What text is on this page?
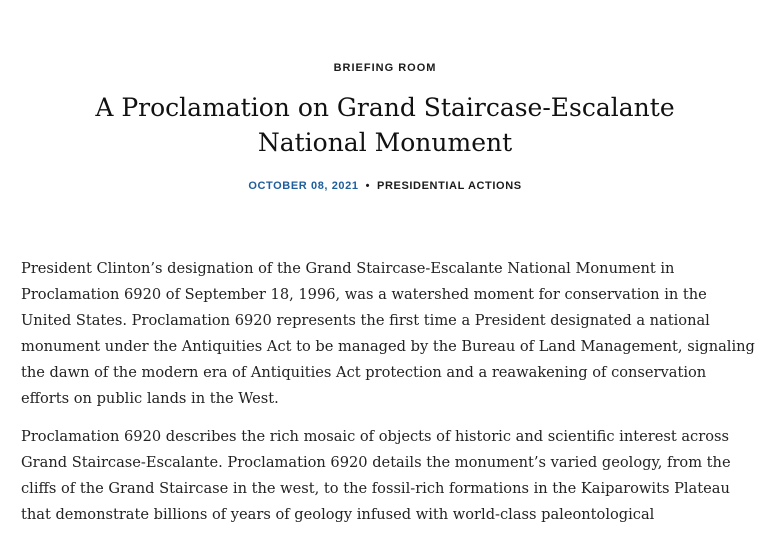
BRIEFING ROOM
A Proclamation on Grand Staircase-Escalante National Monument
OCTOBER 08, 2021 • PRESIDENTIAL ACTIONS

President Clinton’s designation of the Grand Staircase-Escalante National Monument in Proclamation 6920 of September 18, 1996, was a watershed moment for conservation in the United States. Proclamation 6920 represents the first time a President designated a national monument under the Antiquities Act to be managed by the Bureau of Land Management, signaling the dawn of the modern era of Antiquities Act protection and a reawakening of conservation efforts on public lands in the West.

Proclamation 6920 describes the rich mosaic of objects of historic and scientific interest across Grand Staircase-Escalante. Proclamation 6920 details the monument’s varied geology, from the cliffs of the Grand Staircase in the west, to the fossil-rich formations in the Kaiparowits Plateau that demonstrate billions of years of geology infused with world-class paleontological
